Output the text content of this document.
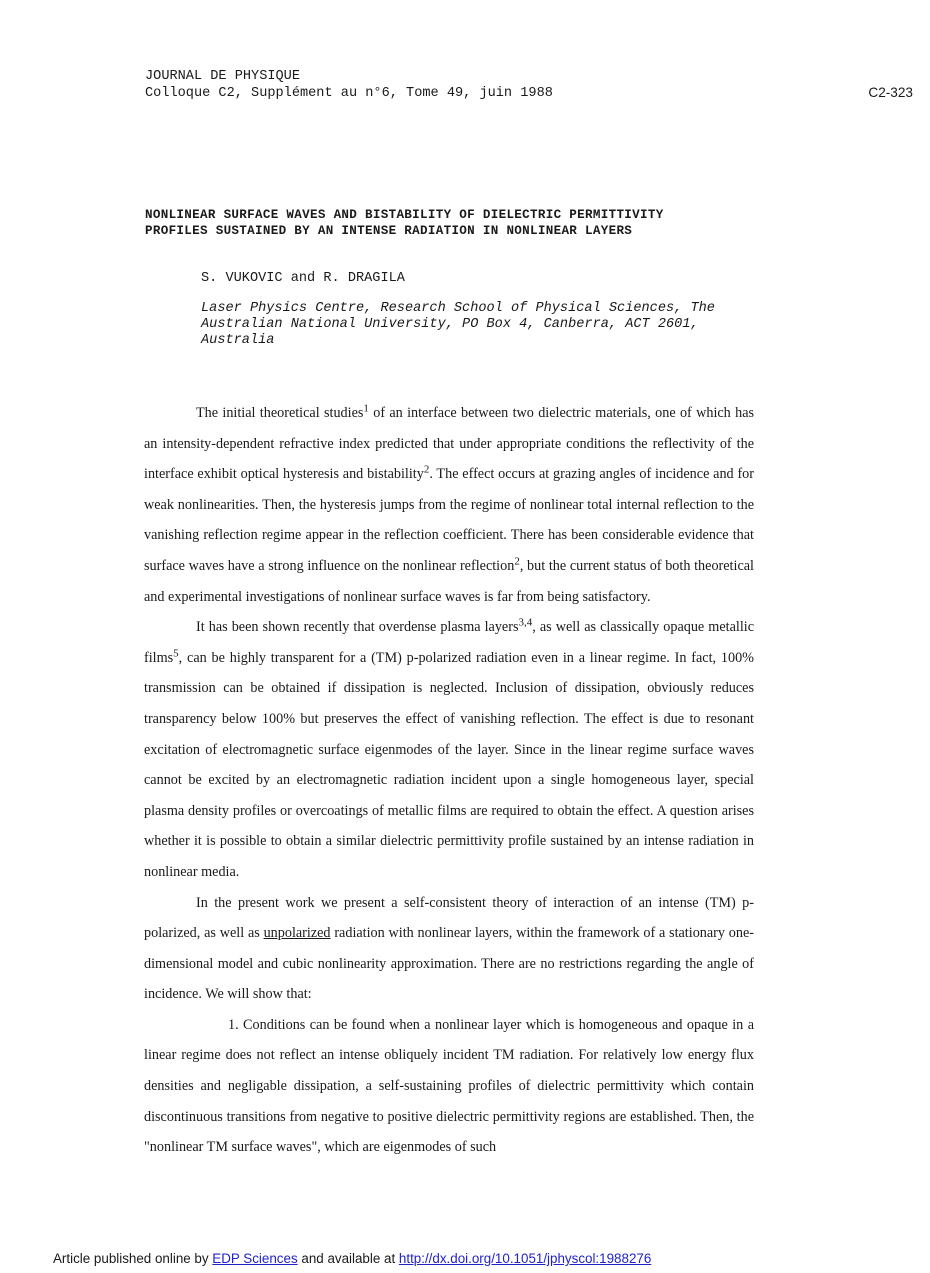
JOURNAL DE PHYSIQUE
Colloque C2, Supplément au n°6, Tome 49, juin 1988	C2-323
NONLINEAR SURFACE WAVES AND BISTABILITY OF DIELECTRIC PERMITTIVITY
PROFILES SUSTAINED BY AN INTENSE RADIATION IN NONLINEAR LAYERS
S. VUKOVIC and R. DRAGILA
Laser Physics Centre, Research School of Physical Sciences, The
Australian National University, PO Box 4, Canberra, ACT 2601,
Australia

The initial theoretical studies$^1$ of an interface between two dielectric materials, one of which has an intensity-dependent refractive index predicted that under appropriate conditions the reflectivity of the interface exhibit optical hysteresis and bistability$^2$. The effect occurs at grazing angles of incidence and for weak nonlinearities. Then, the hysteresis jumps from the regime of nonlinear total internal reflection to the vanishing reflection regime appear in the reflection coefficient. There has been considerable evidence that surface waves have a strong influence on the nonlinear reflection$^2$, but the current status of both theoretical and experimental investigations of nonlinear surface waves is far from being satisfactory.

It has been shown recently that overdense plasma layers$^{3,4}$, as well as classically opaque metallic films$^5$, can be highly transparent for a (TM) p-polarized radiation even in a linear regime. In fact, 100% transmission can be obtained if dissipation is neglected. Inclusion of dissipation, obviously reduces transparency below 100% but preserves the effect of vanishing reflection. The effect is due to resonant excitation of electromagnetic surface eigenmodes of the layer. Since in the linear regime surface waves cannot be excited by an electromagnetic radiation incident upon a single homogeneous layer, special plasma density profiles or overcoatings of metallic films are required to obtain the effect. A question arises whether it is possible to obtain a similar dielectric permittivity profile sustained by an intense radiation in nonlinear media.

In the present work we present a self-consistent theory of interaction of an intense (TM) p- polarized, as well as unpolarized radiation with nonlinear layers, within the framework of a stationary one-dimensional model and cubic nonlinearity approximation. There are no restrictions regarding the angle of incidence. We will show that:

1. Conditions can be found when a nonlinear layer which is homogeneous and opaque in a linear regime does not reflect an intense obliquely incident TM radiation. For relatively low energy flux densities and negligable dissipation, a self-sustaining profiles of dielectric permittivity which contain discontinuous transitions from negative to positive dielectric permittivity regions are established. Then, the "nonlinear TM surface waves", which are eigenmodes of such

Article published online by EDP Sciences and available at http://dx.doi.org/10.1051/jphyscol:1988276
